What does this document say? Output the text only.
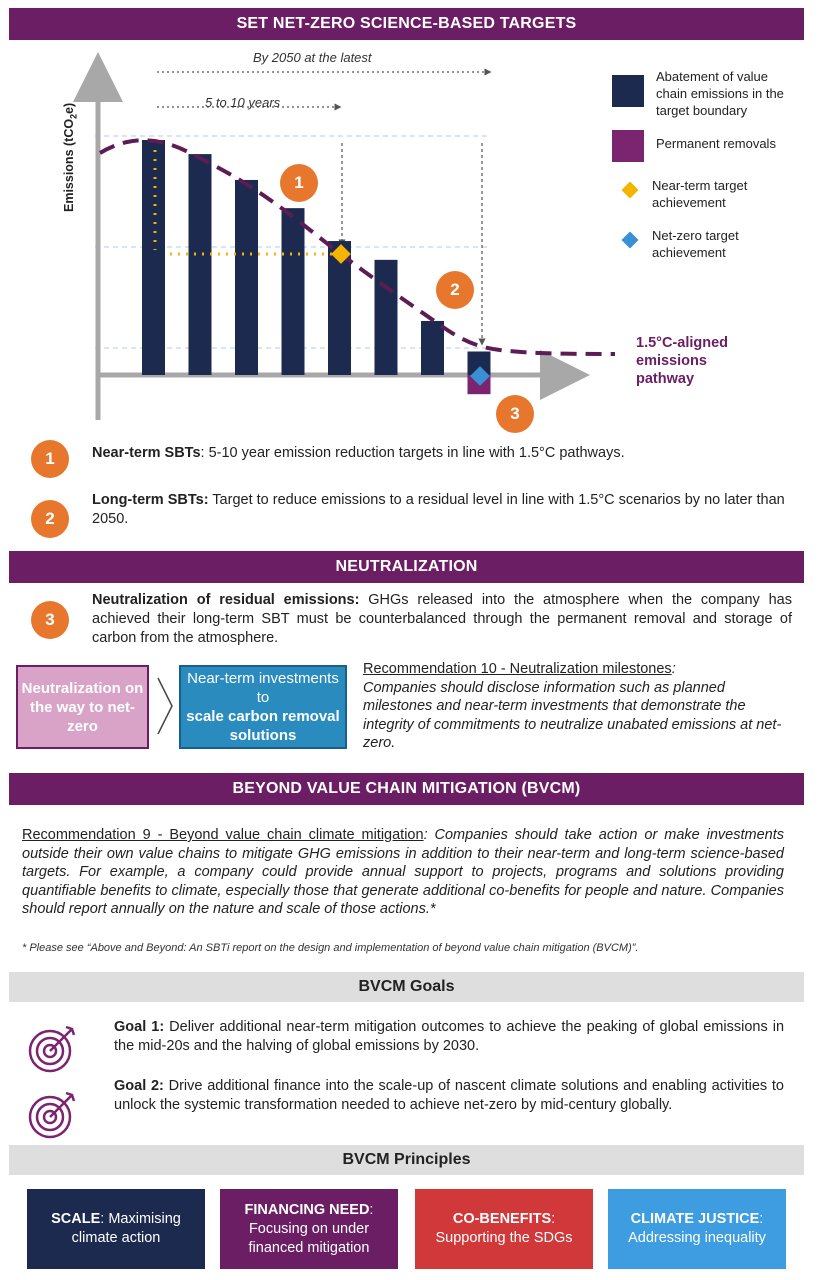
SET NET-ZERO SCIENCE-BASED TARGETS
Emissions (tCO$_2$e)
By 2050 at the latest
5 to 10 years
1
2
3
Abatement of value chain emissions in the target boundary
Permanent removals
Near-term target achievement
Net-zero target achievement
1.5°C-aligned emissions pathway
1	Near-term SBTs: 5-10 year emission reduction targets in line with 1.5°C pathways.
2
Long-term SBTs: Target to reduce emissions to a residual level in line with 1.5°C scenarios by no later than 2050.
NEUTRALIZATION
3
Neutralization of residual emissions: GHGs released into the atmosphere when the company has achieved their long-term SBT must be counterbalanced through the permanent removal and storage of carbon from the atmosphere.
Neutralization on the way to net-zero
Near-term investments to
scale carbon removal solutions
Recommendation 10 - Neutralization milestones:
Companies should disclose information such as planned milestones and near-term investments that demonstrate the integrity of commitments to neutralize unabated emissions at net-zero.
BEYOND VALUE CHAIN MITIGATION (BVCM)
Recommendation 9 - Beyond value chain climate mitigation: Companies should take action or make investments outside their own value chains to mitigate GHG emissions in addition to their near-term and long-term science-based targets. For example, a company could provide annual support to projects, programs and solutions providing quantifiable benefits to climate, especially those that generate additional co-benefits for people and nature. Companies should report annually on the nature and scale of those actions.*
* Please see “Above and Beyond: An SBTi report on the design and implementation of beyond value chain mitigation (BVCM)”.
BVCM Goals
Goal 1: Deliver additional near-term mitigation outcomes to achieve the peaking of global emissions in the mid-20s and the halving of global emissions by 2030.
Goal 2: Drive additional finance into the scale-up of nascent climate solutions and enabling activities to unlock the systemic transformation needed to achieve net-zero by mid-century globally.
BVCM Principles
SCALE: Maximising climate action
FINANCING NEED: Focusing on under financed mitigation
CO-BENEFITS: Supporting the SDGs
CLIMATE JUSTICE: Addressing inequality
